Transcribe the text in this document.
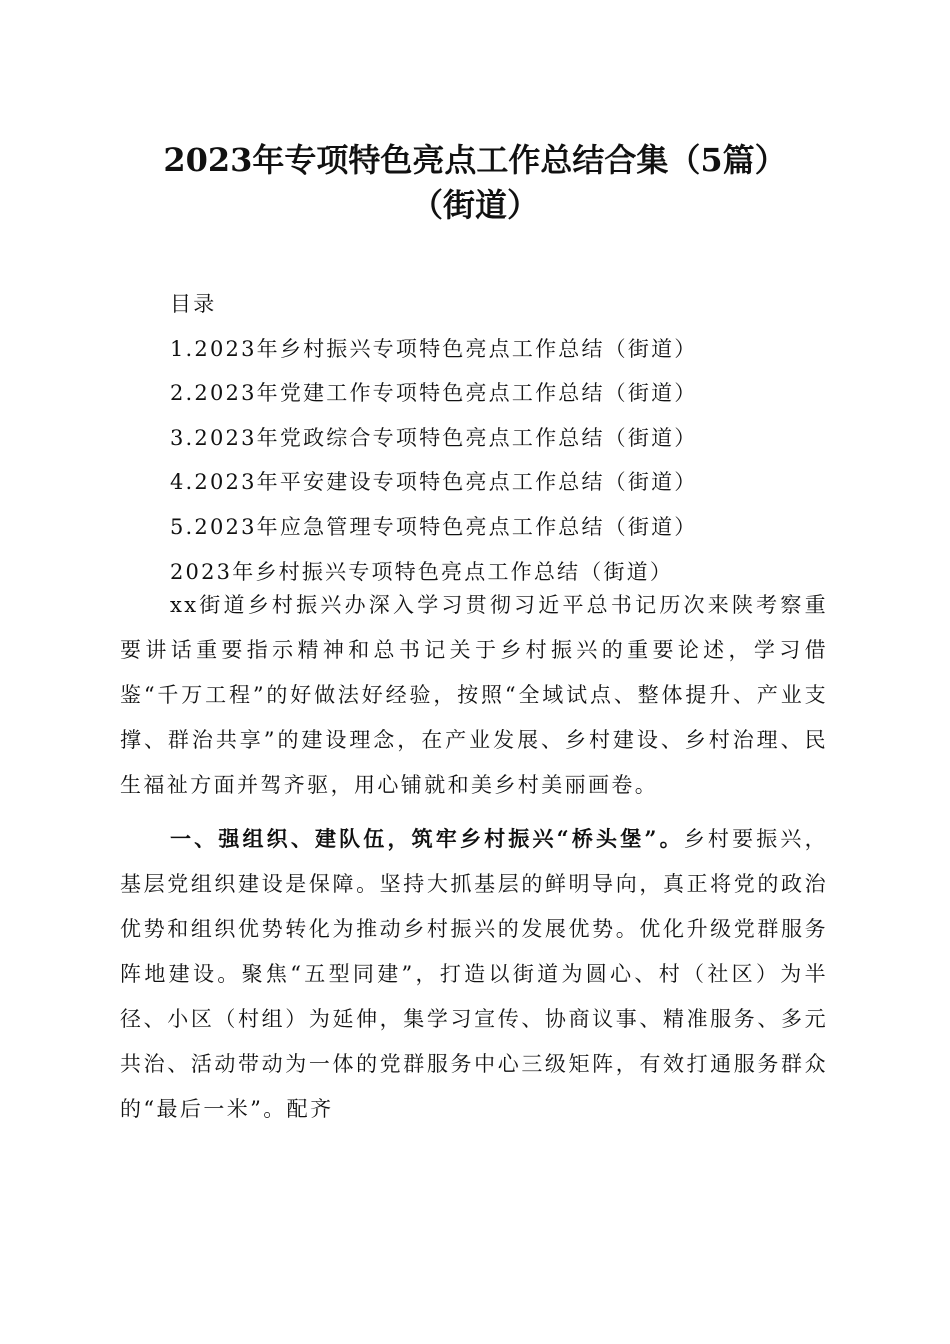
2023年专项特色亮点工作总结合集（5篇）
（街道）
目录
1.2023年乡村振兴专项特色亮点工作总结（街道）
2.2023年党建工作专项特色亮点工作总结（街道）
3.2023年党政综合专项特色亮点工作总结（街道）
4.2023年平安建设专项特色亮点工作总结（街道）
5.2023年应急管理专项特色亮点工作总结（街道）
2023年乡村振兴专项特色亮点工作总结（街道）

xx街道乡村振兴办深入学习贯彻习近平总书记历次来陕考察重要讲话重要指示精神和总书记关于乡村振兴的重要论述，学习借鉴“千万工程”的好做法好经验，按照“全域试点、整体提升、产业支撑、群治共享”的建设理念，在产业发展、乡村建设、乡村治理、民生福祉方面并驾齐驱，用心铺就和美乡村美丽画卷。

一、强组织、建队伍，筑牢乡村振兴“桥头堡”。乡村要振兴，基层党组织建设是保障。坚持大抓基层的鲜明导向，真正将党的政治优势和组织优势转化为推动乡村振兴的发展优势。优化升级党群服务阵地建设。聚焦“五型同建”，打造以街道为圆心、村（社区）为半径、小区（村组）为延伸，集学习宣传、协商议事、精准服务、多元共治、活动带动为一体的党群服务中心三级矩阵，有效打通服务群众的“最后一米”。配齐
